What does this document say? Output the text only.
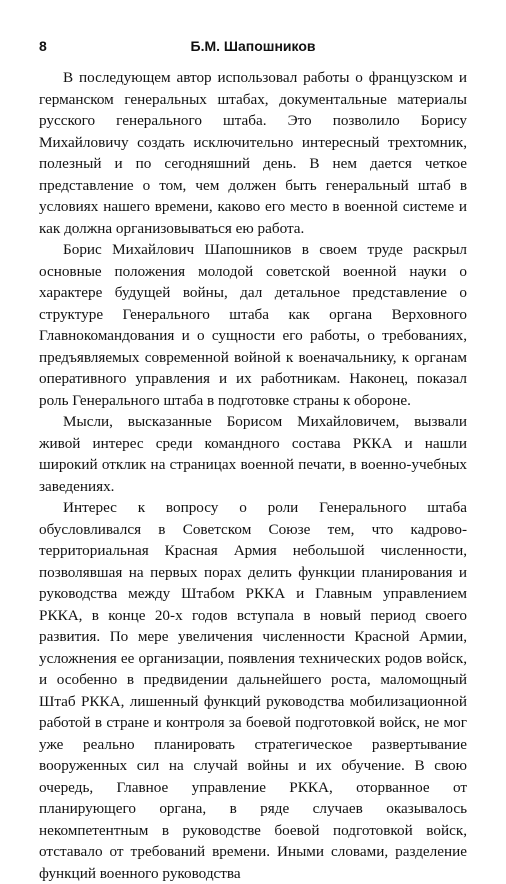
8	Б.М. Шапошников

В последующем автор использовал работы о французском и германском генеральных штабах, документальные материалы русского генерального штаба. Это позволило Борису Михайловичу создать исключительно интересный трехтомник, полезный и по сегодняшний день. В нем дается четкое представление о том, чем должен быть генеральный штаб в условиях нашего времени, каково его место в военной системе и как должна организовываться ею работа.

Борис Михайлович Шапошников в своем труде раскрыл основные положения молодой советской военной науки о характере будущей войны, дал детальное представление о структуре Генерального штаба как органа Верховного Главнокомандования и о сущности его работы, о требованиях, предъявляемых современной войной к военачальнику, к органам оперативного управления и их работникам. Наконец, показал роль Генерального штаба в подготовке страны к обороне.

Мысли, высказанные Борисом Михайловичем, вызвали живой интерес среди командного состава РККА и нашли широкий отклик на страницах военной печати, в военно-учебных заведениях.

Интерес к вопросу о роли Генерального штаба обусловливался в Советском Союзе тем, что кадрово-территориальная Красная Армия небольшой численности, позволявшая на первых порах делить функции планирования и руководства между Штабом РККА и Главным управлением РККА, в конце 20-х годов вступала в новый период своего развития. По мере увеличения численности Красной Армии, усложнения ее организации, появления технических родов войск, и особенно в предвидении дальнейшего роста, маломощный Штаб РККА, лишенный функций руководства мобилизационной работой в стране и контроля за боевой подготовкой войск, не мог уже реально планировать стратегическое развертывание вооруженных сил на случай войны и их обучение. В свою очередь, Главное управление РККА, оторванное от планирующего органа, в ряде случаев оказывалось некомпетентным в руководстве боевой подготовкой войск, отставало от требований времени. Иными словами, разделение функций военного руководства
